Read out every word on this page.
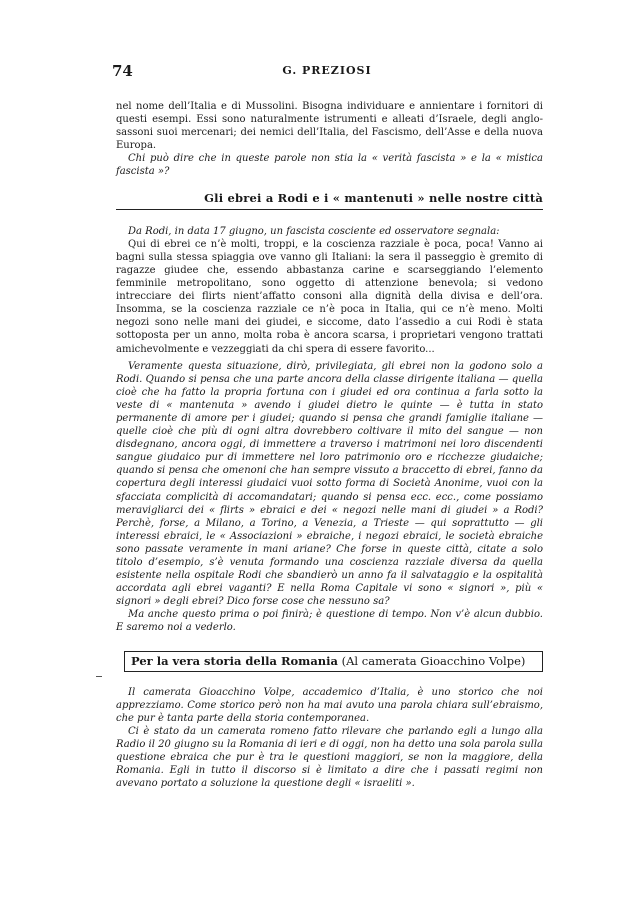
74	G. PREZIOSI

nel nome dell’Italia e di Mussolini. Bisogna individuare e annientare i fornitori di questi esempi. Essi sono naturalmente istrumenti e alleati d’Israele, degli anglo-sassoni suoi mercenari; dei nemici dell’Italia, del Fascismo, dell’Asse e della nuova Europa.

Chi può dire che in queste parole non stia la « verità fascista » e la « mistica fascista »?

Gli ebrei a Rodi e i « mantenuti » nelle nostre città

Da Rodi, in data 17 giugno, un fascista cosciente ed osservatore segnala:

Qui di ebrei ce n’è molti, troppi, e la coscienza razziale è poca, poca! Vanno ai bagni sulla stessa spiaggia ove vanno gli Italiani: la sera il passeggio è gremito di ragazze giudee che, essendo abbastanza carine e scarseggiando l’elemento femminile metropolitano, sono oggetto di attenzione benevola; si vedono intrecciare dei flirts nient’affatto consoni alla dignità della divisa e dell’ora. Insomma, se la coscienza razziale ce n’è poca in Italia, qui ce n’è meno. Molti negozi sono nelle mani dei giudei, e siccome, dato l’assedio a cui Rodi è stata sottoposta per un anno, molta roba è ancora scarsa, i proprietari vengono trattati amichevolmente e vezzeggiati da chi spera di essere favorito...

Veramente questa situazione, dirò, privilegiata, gli ebrei non la godono solo a Rodi. Quando si pensa che una parte ancora della classe dirigente italiana — quella cioè che ha fatto la propria fortuna con i giudei ed ora continua a farla sotto la veste di « mantenuta » avendo i giudei dietro le quinte — è tutta in stato permanente di amore per i giudei; quando si pensa che grandi famiglie italiane — quelle cioè che più di ogni altra dovrebbero coltivare il mito del sangue — non disdegnano, ancora oggi, di immettere a traverso i matrimoni nei loro discendenti sangue giudaico pur di immettere nel loro patrimonio oro e ricchezze giudaiche; quando si pensa che omenoni che han sempre vissuto a braccetto di ebrei, fanno da copertura degli interessi giudaici vuoi sotto forma di Società Anonime, vuoi con la sfacciata complicità di accomandatari; quando si pensa ecc. ecc., come possiamo meravigliarci dei « flirts » ebraici e dei « negozi nelle mani di giudei » a Rodi? Perchè, forse, a Milano, a Torino, a Venezia, a Trieste — qui soprattutto — gli interessi ebraici, le « Associazioni » ebraiche, i negozi ebraici, le società ebraiche sono passate veramente in mani ariane? Che forse in queste città, citate a solo titolo d’esempio, s’è venuta formando una coscienza razziale diversa da quella esistente nella ospitale Rodi che sbandierò un anno fa il salvataggio e la ospitalità accordata agli ebrei vaganti? E nella Roma Capitale vi sono « signori », più « signori » degli ebrei? Dico forse cose che nessuno sa?

Ma anche questo prima o poi finirà; è questione di tempo. Non v’è alcun dubbio. E saremo noi a vederlo.

Per la vera storia della Romania (Al camerata Gioacchino Volpe)

Il camerata Gioacchino Volpe, accademico d’Italia, è uno storico che noi apprezziamo. Come storico però non ha mai avuto una parola chiara sull’ebraismo, che pur è tanta parte della storia contemporanea.

Ci è stato da un camerata romeno fatto rilevare che parlando egli a lungo alla Radio il 20 giugno su la Romania di ieri e di oggi, non ha detto una sola parola sulla questione ebraica che pur è tra le questioni maggiori, se non la maggiore, della Romania. Egli in tutto il discorso si è limitato a dire che i passati regimi non avevano portato a soluzione la questione degli « israeliti ».
